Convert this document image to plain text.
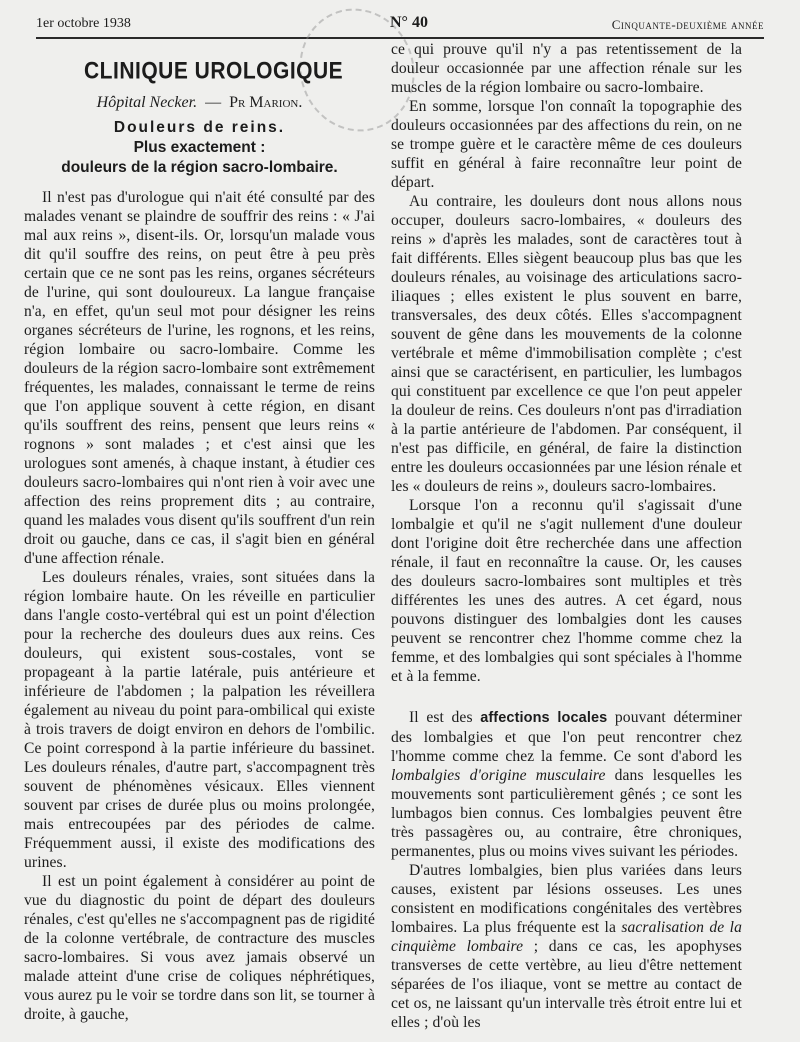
1er octobre 1938	N° 40	Cinquante-deuxième année
CLINIQUE UROLOGIQUE
Hôpital Necker.  —  Pr Marion.
Douleurs de reins.
Plus exactement :
douleurs de la région sacro-lombaire.

Il n'est pas d'urologue qui n'ait été consulté par des malades venant se plaindre de souffrir des reins : « J'ai mal aux reins », disent-ils. Or, lorsqu'un malade vous dit qu'il souffre des reins, on peut être à peu près certain que ce ne sont pas les reins, organes sécréteurs de l'urine, qui sont douloureux. La langue française n'a, en effet, qu'un seul mot pour désigner les reins organes sécréteurs de l'urine, les rognons, et les reins, région lombaire ou sacro-lombaire. Comme les douleurs de la région sacro-lombaire sont extrêmement fréquentes, les malades, connaissant le terme de reins que l'on applique souvent à cette région, en disant qu'ils souffrent des reins, pensent que leurs reins « rognons » sont malades ; et c'est ainsi que les urologues sont amenés, à chaque instant, à étudier ces douleurs sacro-lombaires qui n'ont rien à voir avec une affection des reins proprement dits ; au contraire, quand les malades vous disent qu'ils souffrent d'un rein droit ou gauche, dans ce cas, il s'agit bien en général d'une affection rénale.

Les douleurs rénales, vraies, sont situées dans la région lombaire haute. On les réveille en particulier dans l'angle costo-vertébral qui est un point d'élection pour la recherche des douleurs dues aux reins. Ces douleurs, qui existent sous-costales, vont se propageant à la partie latérale, puis antérieure et inférieure de l'abdomen ; la palpation les réveillera également au niveau du point para-ombilical qui existe à trois travers de doigt environ en dehors de l'ombilic. Ce point correspond à la partie inférieure du bassinet. Les douleurs rénales, d'autre part, s'accompagnent très souvent de phénomènes vésicaux. Elles viennent souvent par crises de durée plus ou moins prolongée, mais entrecoupées par des périodes de calme. Fréquemment aussi, il existe des modifications des urines.

Il est un point également à considérer au point de vue du diagnostic du point de départ des douleurs rénales, c'est qu'elles ne s'accompagnent pas de rigidité de la colonne vertébrale, de contracture des muscles sacro-lombaires. Si vous avez jamais observé un malade atteint d'une crise de coliques néphrétiques, vous aurez pu le voir se tordre dans son lit, se tourner à droite, à gauche,

ce qui prouve qu'il n'y a pas retentissement de la douleur occasionnée par une affection rénale sur les muscles de la région lombaire ou sacro-lombaire.

En somme, lorsque l'on connaît la topographie des douleurs occasionnées par des affections du rein, on ne se trompe guère et le caractère même de ces douleurs suffit en général à faire reconnaître leur point de départ.

Au contraire, les douleurs dont nous allons nous occuper, douleurs sacro-lombaires, « douleurs des reins » d'après les malades, sont de caractères tout à fait différents. Elles siègent beaucoup plus bas que les douleurs rénales, au voisinage des articulations sacro-iliaques ; elles existent le plus souvent en barre, transversales, des deux côtés. Elles s'accompagnent souvent de gêne dans les mouvements de la colonne vertébrale et même d'immobilisation complète ; c'est ainsi que se caractérisent, en particulier, les lumbagos qui constituent par excellence ce que l'on peut appeler la douleur de reins. Ces douleurs n'ont pas d'irradiation à la partie antérieure de l'abdomen. Par conséquent, il n'est pas difficile, en général, de faire la distinction entre les douleurs occasionnées par une lésion rénale et les « douleurs de reins », douleurs sacro-lombaires.

Lorsque l'on a reconnu qu'il s'agissait d'une lombalgie et qu'il ne s'agit nullement d'une douleur dont l'origine doit être recherchée dans une affection rénale, il faut en reconnaître la cause. Or, les causes des douleurs sacro-lombaires sont multiples et très différentes les unes des autres. A cet égard, nous pouvons distinguer des lombalgies dont les causes peuvent se rencontrer chez l'homme comme chez la femme, et des lombalgies qui sont spéciales à l'homme et à la femme.

Il est des affections locales pouvant déterminer des lombalgies et que l'on peut rencontrer chez l'homme comme chez la femme. Ce sont d'abord les lombalgies d'origine musculaire dans lesquelles les mouvements sont particulièrement gênés ; ce sont les lumbagos bien connus. Ces lombalgies peuvent être très passagères ou, au contraire, être chroniques, permanentes, plus ou moins vives suivant les périodes.

D'autres lombalgies, bien plus variées dans leurs causes, existent par lésions osseuses. Les unes consistent en modifications congénitales des vertèbres lombaires. La plus fréquente est la sacralisation de la cinquième lombaire ; dans ce cas, les apophyses transverses de cette vertèbre, au lieu d'être nettement séparées de l'os iliaque, vont se mettre au contact de cet os, ne laissant qu'un intervalle très étroit entre lui et elles ; d'où les
